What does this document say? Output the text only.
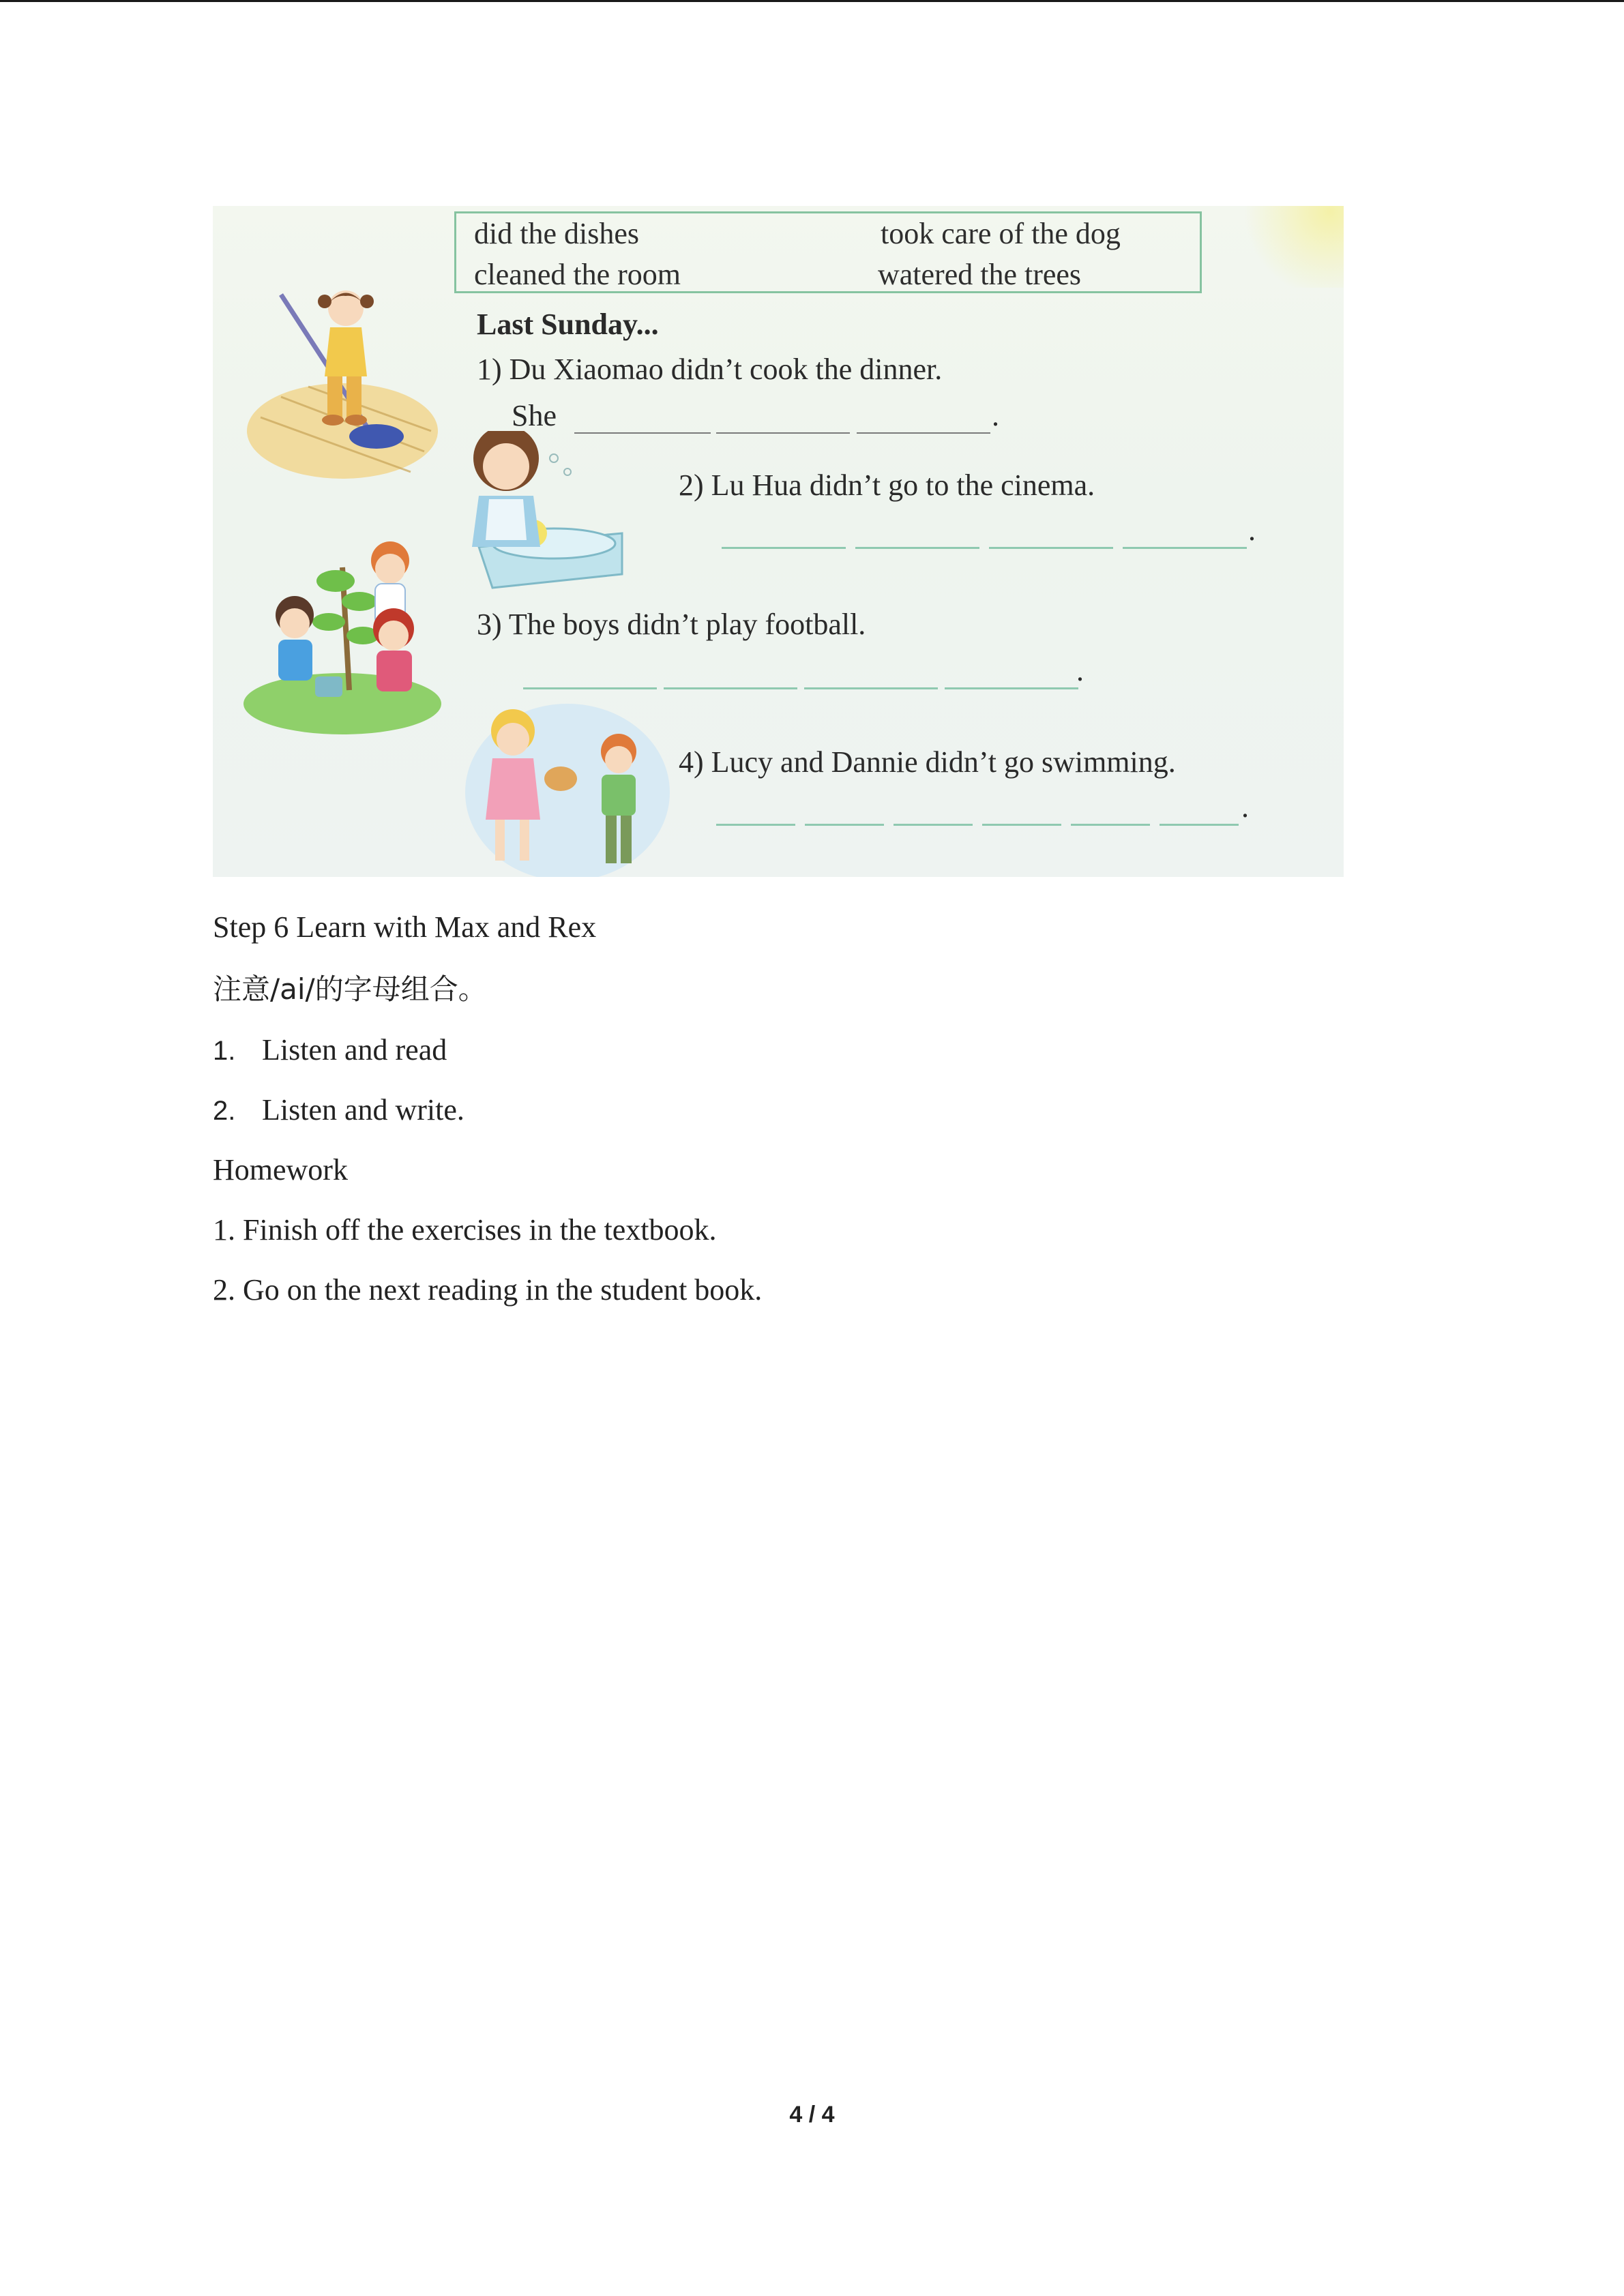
did the dishes	took care of the dog
cleaned the room	watered the trees
Last Sunday...
1) Du Xiaomao didn’t cook the dinner.
She	.
2) Lu Hua didn’t go to the cinema.
.
3) The boys didn’t play football.
.
4) Lucy and Dannie didn’t go swimming.
.
Step 6 Learn with Max and Rex
注意/ai/的字母组合。
1. Listen and read
2. Listen and write.
Homework
1. Finish off the exercises in the textbook.
2. Go on the next reading in the student book.
4 / 4
